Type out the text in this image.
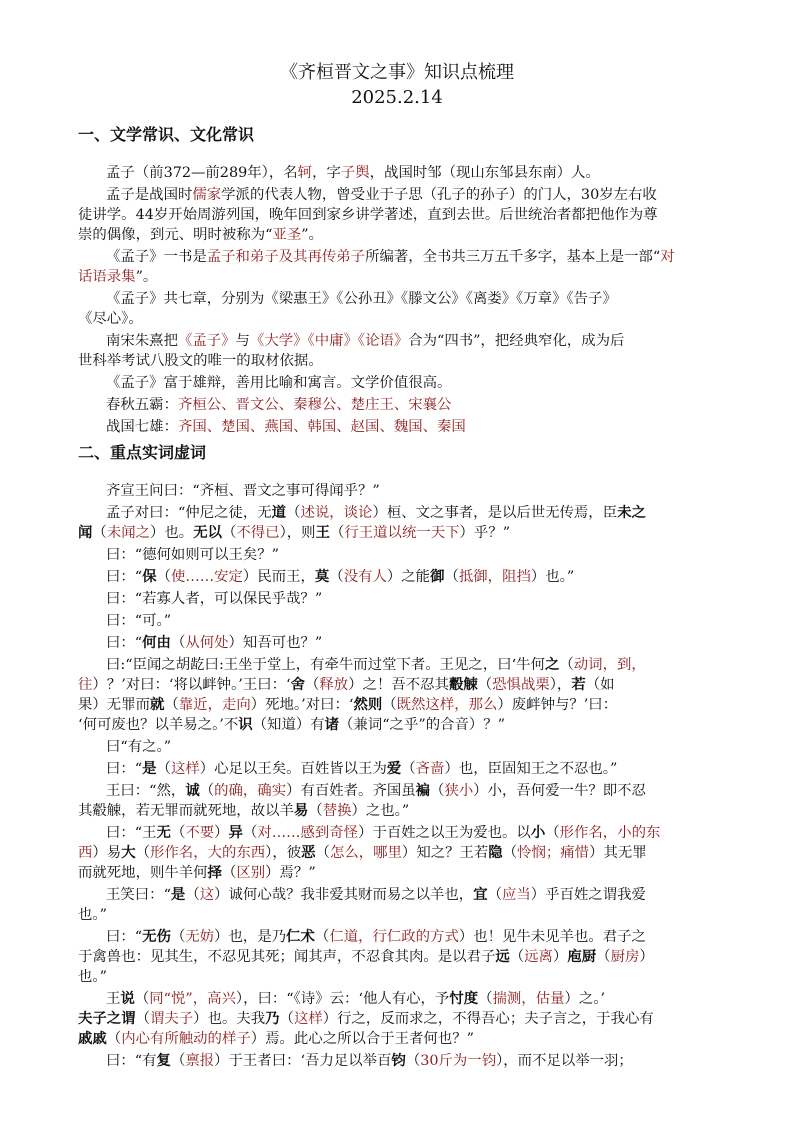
《齐桓晋文之事》知识点梳理
2025.2.14
一、文学常识、文化常识
二、重点实词虚词
孟子（前372—前289年），名轲，字子舆，战国时邹（现山东邹县东南）人。
孟子是战国时儒家学派的代表人物，曾受业于子思（孔子的孙子）的门人，30岁左右收
徒讲学。44岁开始周游列国，晚年回到家乡讲学著述，直到去世。后世统治者都把他作为尊
崇的偶像，到元、明时被称为“亚圣”。
《孟子》一书是孟子和弟子及其再传弟子所编著，全书共三万五千多字，基本上是一部“对
话语录集”。
《孟子》共七章，分别为《梁惠王》《公孙丑》《滕文公》《离娄》《万章》《告子》
《尽心》。
南宋朱熹把《孟子》与《大学》《中庸》《论语》合为“四书”，把经典窄化，成为后
世科举考试八股文的唯一的取材依据。
《孟子》富于雄辩，善用比喻和寓言。文学价值很高。
春秋五霸：齐桓公、晋文公、秦穆公、楚庄王、宋襄公
战国七雄：齐国、楚国、燕国、韩国、赵国、魏国、秦国
齐宣王问曰：“齐桓、晋文之事可得闻乎？”
孟子对曰：“仲尼之徒，无道（述说，谈论）桓、文之事者，是以后世无传焉，臣未之
闻（未闻之）也。无以（不得已），则王（行王道以统一天下）乎？”
曰：“德何如则可以王矣？”
曰：“保（使……安定）民而王，莫（没有人）之能御（抵御，阻挡）也。”
曰：“若寡人者，可以保民乎哉？”
曰：“可。”
曰：“何由（从何处）知吾可也？”
曰:“臣闻之胡龁曰:王坐于堂上，有牵牛而过堂下者。王见之，曰‘牛何之（动词，到，
往）？’对曰：‘将以衅钟。’王曰：‘舍（释放）之！吾不忍其觳觫（恐惧战栗），若（如
果）无罪而就（靠近，走向）死地。’对曰：‘然则（既然这样，那么）废衅钟与？’曰：
‘何可废也？以羊易之。’不识（知道）有诸（兼词“之乎”的合音）？”
曰“有之。”
曰：“是（这样）心足以王矣。百姓皆以王为爱（吝啬）也，臣固知王之不忍也。”
王曰：“然，诚（的确，确实）有百姓者。齐国虽褊（狭小）小，吾何爱一牛？即不忍
其觳觫，若无罪而就死地，故以羊易（替换）之也。”
曰：“王无（不要）异（对……感到奇怪）于百姓之以王为爱也。以小（形作名，小的东
西）易大（形作名，大的东西），彼恶（怎么，哪里）知之？王若隐（怜悯；痛惜）其无罪
而就死地，则牛羊何择（区别）焉？”
王笑曰：“是（这）诚何心哉？我非爱其财而易之以羊也，宜（应当）乎百姓之谓我爱
也。”
曰：“无伤（无妨）也，是乃仁术（仁道，行仁政的方式）也！见牛未见羊也。君子之
于禽兽也：见其生，不忍见其死；闻其声，不忍食其肉。是以君子远（远离）庖厨（厨房）
也。”
王说（同“悦”，高兴），曰：“《诗》云：‘他人有心，予忖度（揣测，估量）之。’
夫子之谓（谓夫子）也。夫我乃（这样）行之，反而求之，不得吾心；夫子言之，于我心有
戚戚（内心有所触动的样子）焉。此心之所以合于王者何也？”
曰：“有复（禀报）于王者曰：‘吾力足以举百钧（30斤为一钧），而不足以举一羽；
